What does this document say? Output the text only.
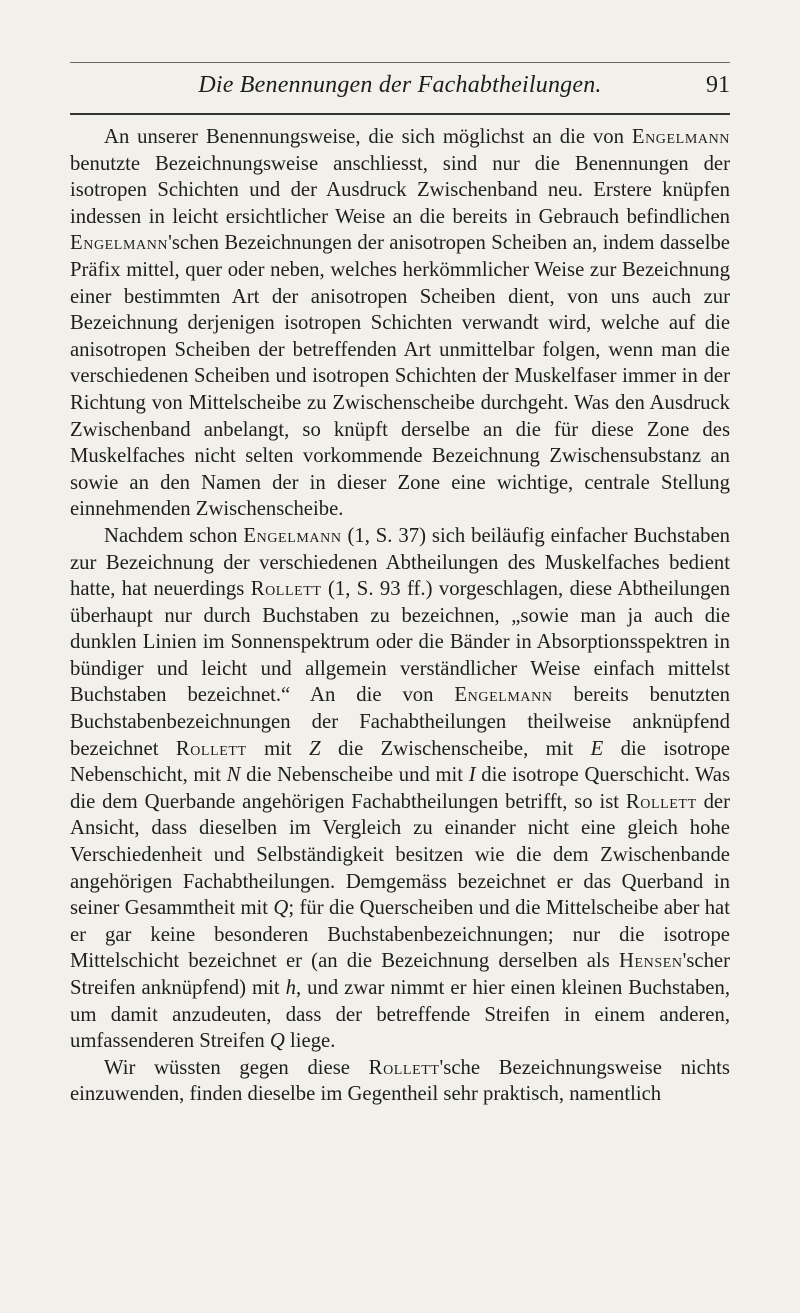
Die Benennungen der Fachabtheilungen.	91

An unserer Benennungsweise, die sich möglichst an die von Engelmann benutzte Bezeichnungsweise anschliesst, sind nur die Benennungen der isotropen Schichten und der Ausdruck Zwischenband neu. Erstere knüpfen indessen in leicht ersichtlicher Weise an die bereits in Gebrauch befindlichen Engelmann'schen Bezeichnungen der anisotropen Scheiben an, indem dasselbe Präfix mittel, quer oder neben, welches herkömmlicher Weise zur Bezeichnung einer bestimmten Art der anisotropen Scheiben dient, von uns auch zur Bezeichnung derjenigen isotropen Schichten verwandt wird, welche auf die anisotropen Scheiben der betreffenden Art unmittelbar folgen, wenn man die verschiedenen Scheiben und isotropen Schichten der Muskelfaser immer in der Richtung von Mittelscheibe zu Zwischenscheibe durchgeht. Was den Ausdruck Zwischenband anbelangt, so knüpft derselbe an die für diese Zone des Muskelfaches nicht selten vorkommende Bezeichnung Zwischensubstanz an sowie an den Namen der in dieser Zone eine wichtige, centrale Stellung einnehmenden Zwischenscheibe.

Nachdem schon Engelmann (1, S. 37) sich beiläufig einfacher Buchstaben zur Bezeichnung der verschiedenen Abtheilungen des Muskelfaches bedient hatte, hat neuerdings Rollett (1, S. 93 ff.) vorgeschlagen, diese Abtheilungen überhaupt nur durch Buchstaben zu bezeichnen, „sowie man ja auch die dunklen Linien im Sonnenspektrum oder die Bänder in Absorptionsspektren in bündiger und leicht und allgemein verständlicher Weise einfach mittelst Buchstaben bezeichnet.“ An die von Engelmann bereits benutzten Buchstabenbezeichnungen der Fachabtheilungen theilweise anknüpfend bezeichnet Rollett mit Z die Zwischenscheibe, mit E die isotrope Nebenschicht, mit N die Nebenscheibe und mit I die isotrope Querschicht. Was die dem Querbande angehörigen Fachabtheilungen betrifft, so ist Rollett der Ansicht, dass dieselben im Vergleich zu einander nicht eine gleich hohe Verschiedenheit und Selbständigkeit besitzen wie die dem Zwischenbande angehörigen Fachabtheilungen. Demgemäss bezeichnet er das Querband in seiner Gesammtheit mit Q; für die Querscheiben und die Mittelscheibe aber hat er gar keine besonderen Buchstabenbezeichnungen; nur die isotrope Mittelschicht bezeichnet er (an die Bezeichnung derselben als Hensen'scher Streifen anknüpfend) mit h, und zwar nimmt er hier einen kleinen Buchstaben, um damit anzudeuten, dass der betreffende Streifen in einem anderen, umfassenderen Streifen Q liege.

Wir wüssten gegen diese Rollett'sche Bezeichnungsweise nichts einzuwenden, finden dieselbe im Gegentheil sehr praktisch, namentlich
